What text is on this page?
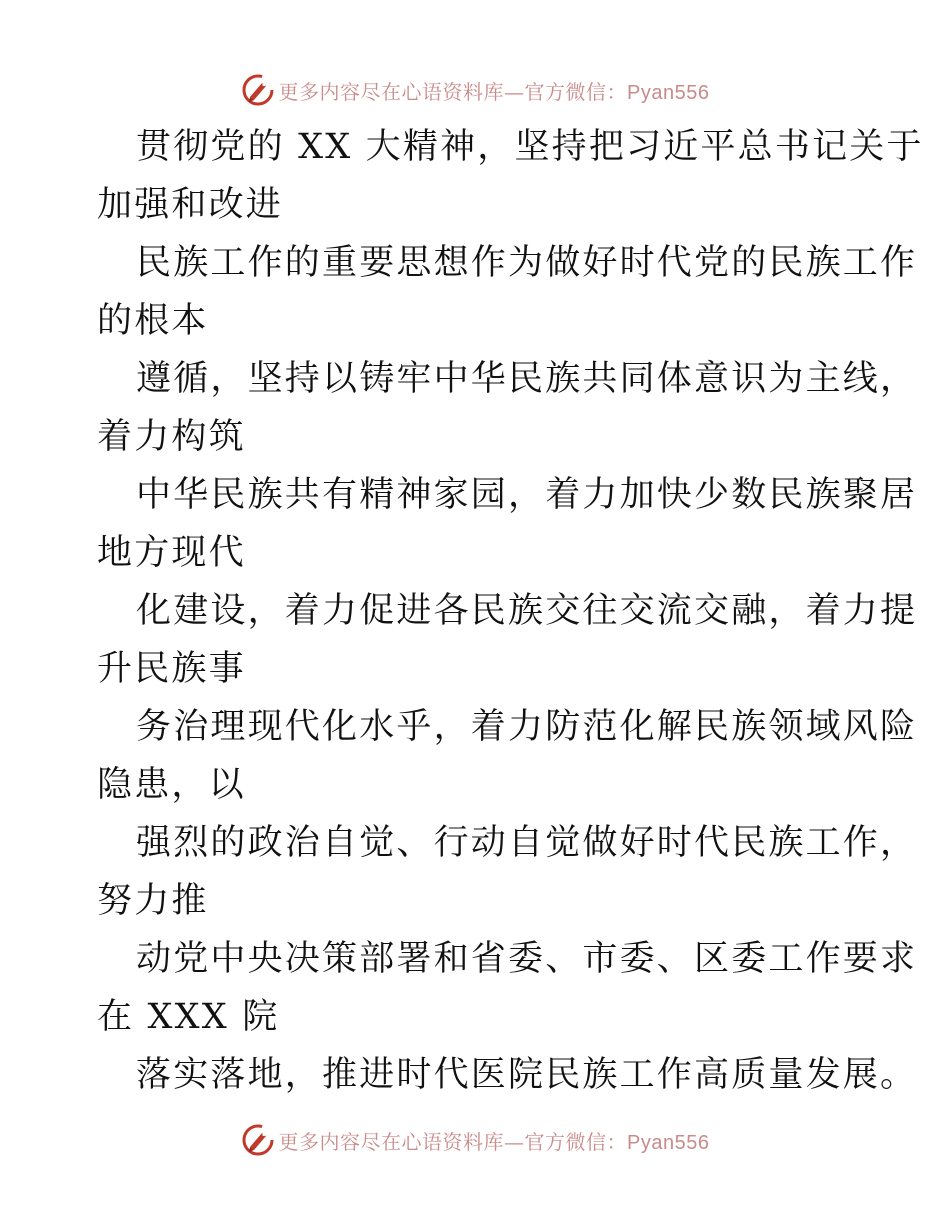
更多内容尽在心语资料库—官方微信：Pyan556
贯彻党的 XX 大精神，坚持把习近平总书记关于
加强和改进
民族工作的重要思想作为做好时代党的民族工作
的根本
遵循，坚持以铸牢中华民族共同体意识为主线，
着力构筑
中华民族共有精神家园，着力加快少数民族聚居
地方现代
化建设，着力促进各民族交往交流交融，着力提
升民族事
务治理现代化水乎，着力防范化解民族领域风险
隐患，以
强烈的政治自觉、行动自觉做好时代民族工作，
努力推
动党中央决策部署和省委、市委、区委工作要求
在 XXX 院
落实落地，推进时代医院民族工作高质量发展。
更多内容尽在心语资料库—官方微信：Pyan556
